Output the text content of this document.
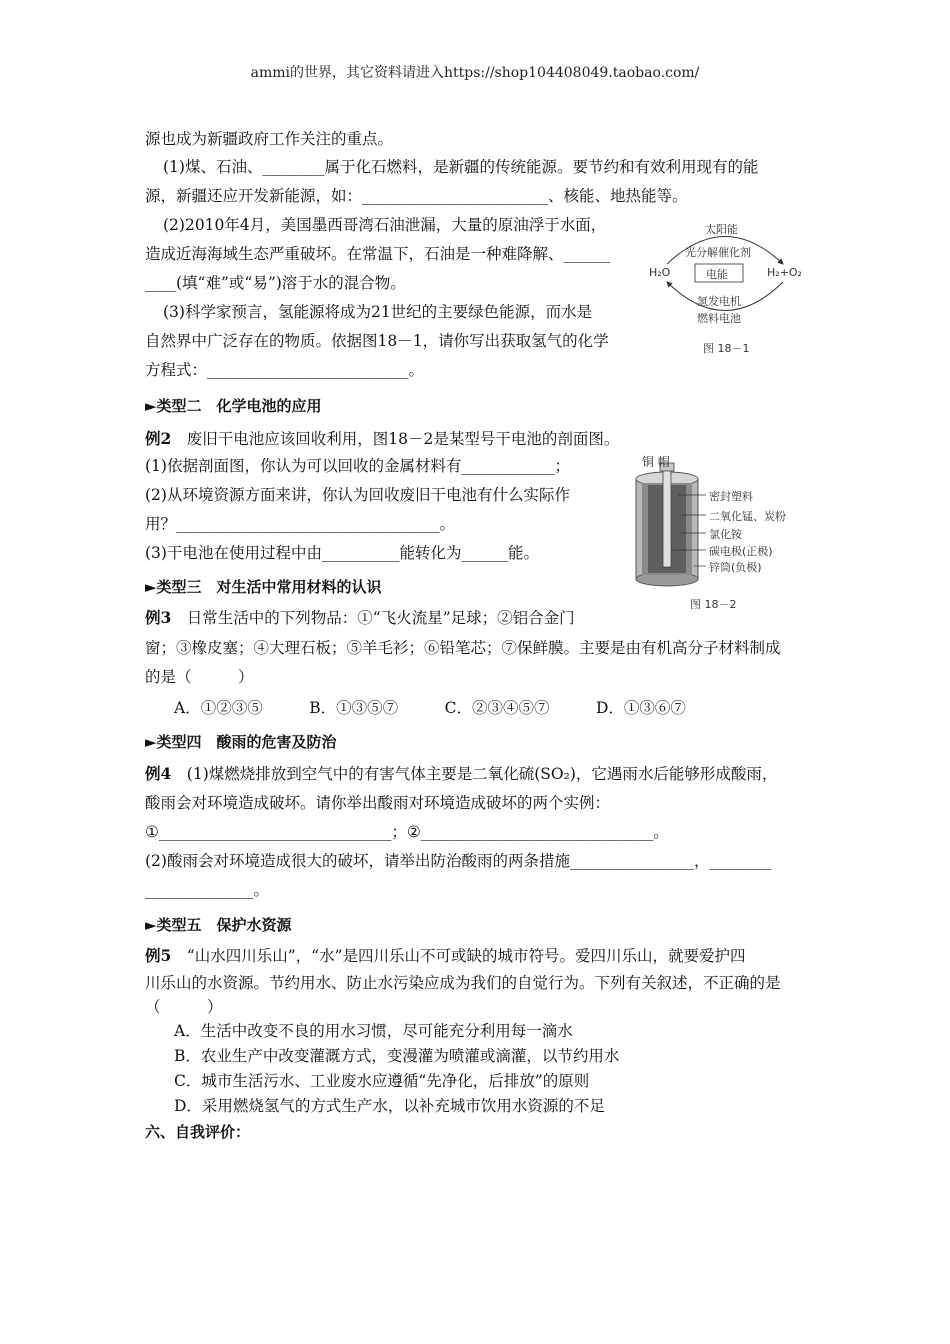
ammi的世界，其它资料请进入https://shop104408049.taobao.com/
源也成为新疆政府工作关注的重点。
(1)煤、石油、________属于化石燃料，是新疆的传统能源。要节约和有效利用现有的能
源，新疆还应开发新能源，如：________________________、核能、地热能等。
(2)2010年4月，美国墨西哥湾石油泄漏，大量的原油浮于水面，
造成近海海域生态严重破坏。在常温下，石油是一种难降解、______
____(填“难”或“易”)溶于水的混合物。
(3)科学家预言，氢能源将成为21世纪的主要绿色能源，而水是
自然界中广泛存在的物质。依据图18－1，请你写出获取氢气的化学
方程式：__________________________。
太阳能
光分解催化剂
电能
H₂O	H₂+O₂
氢发电机
燃料电池
图 18－1
►类型二　化学电池的应用
例2　废旧干电池应该回收利用，图18－2是某型号干电池的剖面图。
(1)依据剖面图，你认为可以回收的金属材料有____________；
(2)从环境资源方面来讲，你认为回收废旧干电池有什么实际作
用？__________________________________。
(3)干电池在使用过程中由__________能转化为______能。
铜 帽
密封塑料
二氧化锰、炭粉
氯化铵
碳电极(正极)
锌筒(负极)
图 18－2
►类型三　对生活中常用材料的认识
例3　日常生活中的下列物品：①“飞火流星”足球；②铝合金门
窗；③橡皮塞；④大理石板；⑤羊毛衫；⑥铅笔芯；⑦保鲜膜。主要是由有机高分子材料制成
的是（　　　）
A．①②③⑤　　　B．①③⑤⑦　　　C．②③④⑤⑦　　　D．①③⑥⑦
►类型四　酸雨的危害及防治
例4　(1)煤燃烧排放到空气中的有害气体主要是二氧化硫(SO₂)，它遇雨水后能够形成酸雨，
酸雨会对环境造成破坏。请你举出酸雨对环境造成破坏的两个实例：
①______________________________；②______________________________。
(2)酸雨会对环境造成很大的破坏，请举出防治酸雨的两条措施________________，________
______________。
►类型五　保护水资源
例5　“山水四川乐山”，“水”是四川乐山不可或缺的城市符号。爱四川乐山，就要爱护四
川乐山的水资源。节约用水、防止水污染应成为我们的自觉行为。下列有关叙述，不正确的是
（　　　）
A．生活中改变不良的用水习惯，尽可能充分利用每一滴水
B．农业生产中改变灌溉方式，变漫灌为喷灌或滴灌，以节约用水
C．城市生活污水、工业废水应遵循“先净化，后排放”的原则
D．采用燃烧氢气的方式生产水，以补充城市饮用水资源的不足
六、自我评价：
